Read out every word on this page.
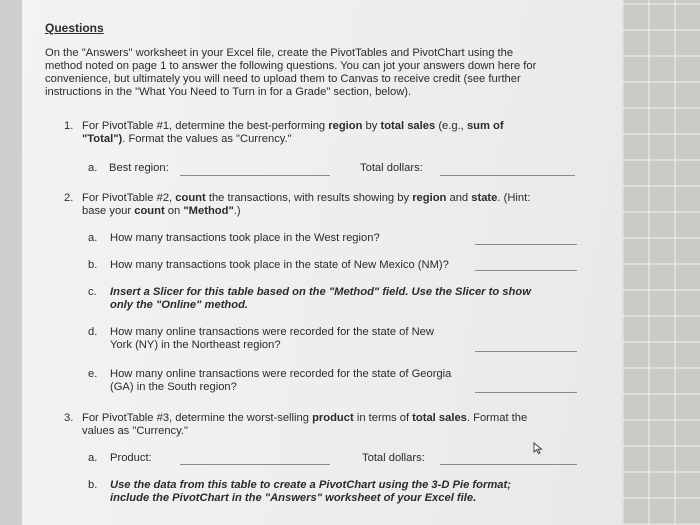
Questions
On the "Answers" worksheet in your Excel file, create the PivotTables and PivotChart using the
method noted on page 1 to answer the following questions. You can jot your answers down here for
convenience, but ultimately you will need to upload them to Canvas to receive credit (see further
instructions in the "What You Need to Turn in for a Grade" section, below).
1. For PivotTable #1, determine the best-performing region by total sales (e.g., sum of
"Total"). Format the values as "Currency."
a. Best region:	Total dollars:
2. For PivotTable #2, count the transactions, with results showing by region and state. (Hint:
base your count on "Method".)
a. How many transactions took place in the West region?
b. How many transactions took place in the state of New Mexico (NM)?
c. Insert a Slicer for this table based on the "Method" field. Use the Slicer to show
only the "Online" method.
d. How many online transactions were recorded for the state of New
York (NY) in the Northeast region?
e. How many online transactions were recorded for the state of Georgia
(GA) in the South region?
3. For PivotTable #3, determine the worst-selling product in terms of total sales. Format the
values as "Currency."
a. Product:	Total dollars:
b. Use the data from this table to create a PivotChart using the 3-D Pie format;
include the PivotChart in the "Answers" worksheet of your Excel file.
